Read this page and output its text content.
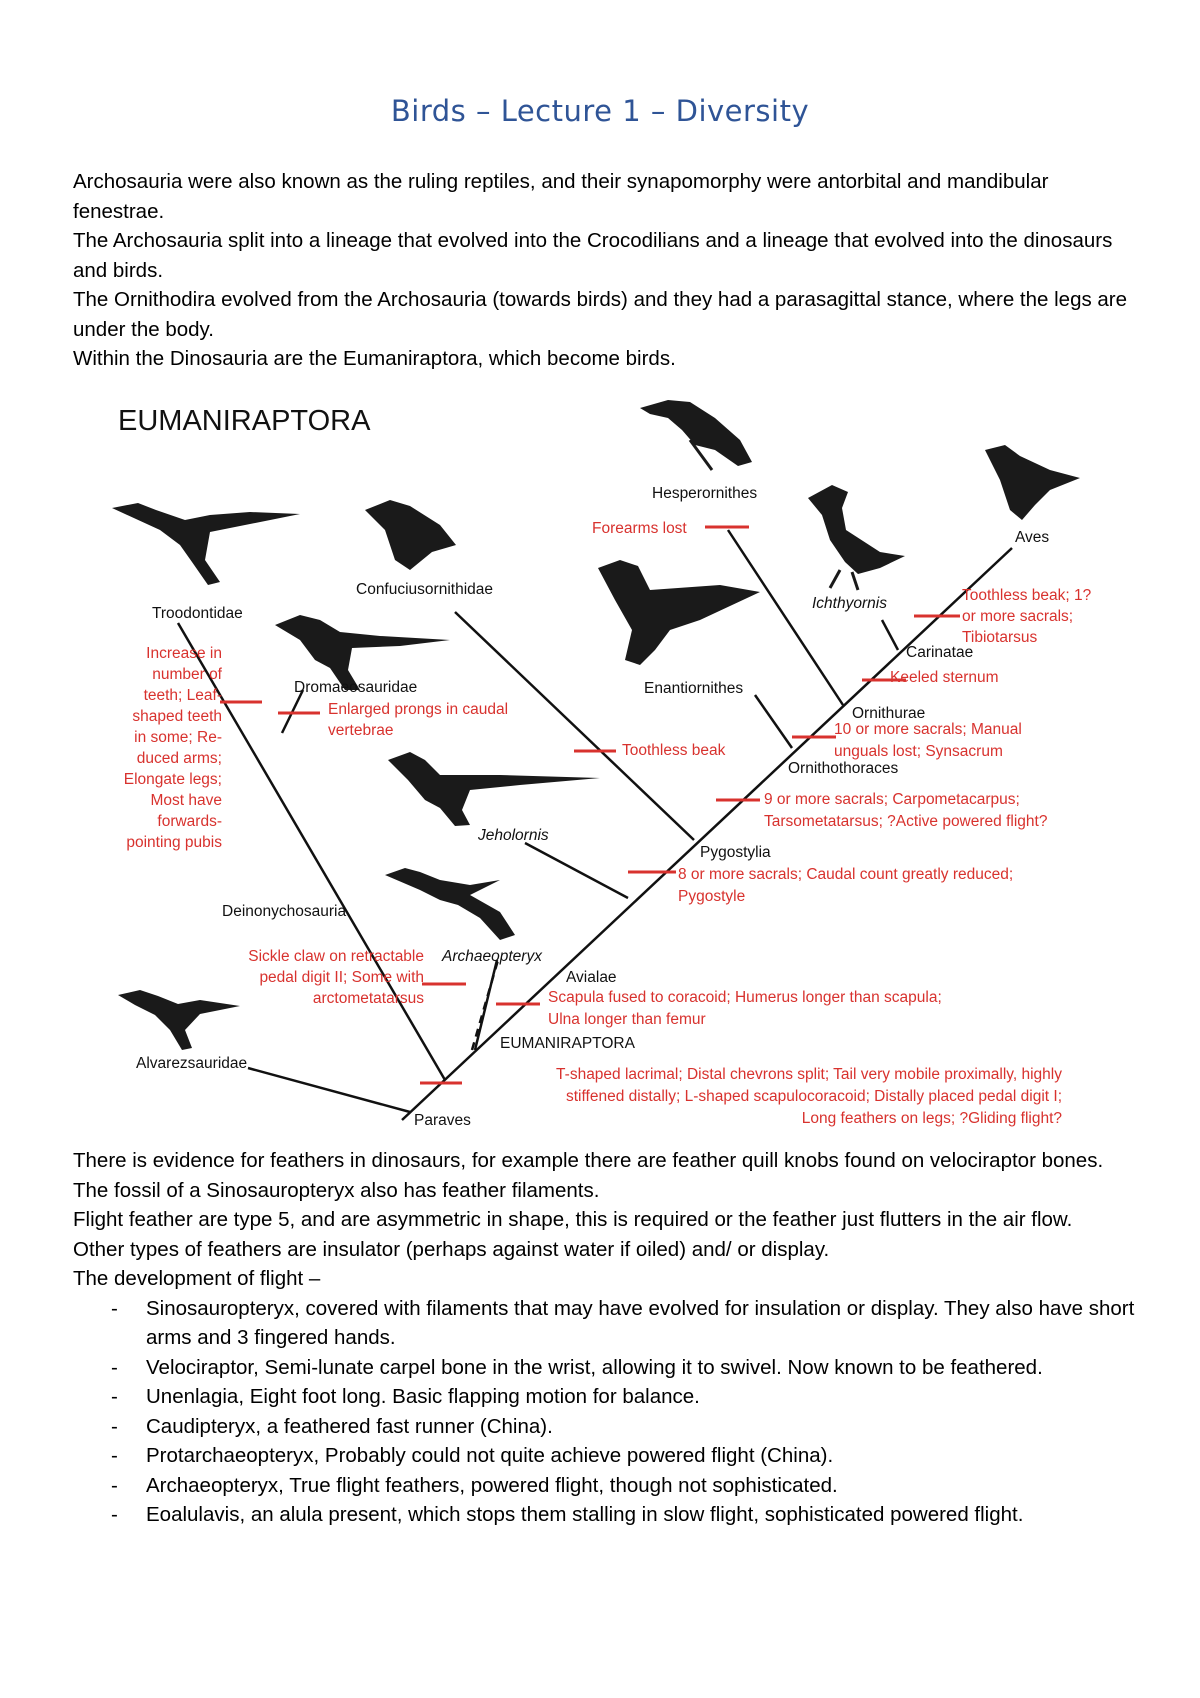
Birds – Lecture 1 – Diversity

Archosauria were also known as the ruling reptiles, and their synapomorphy were antorbital and mandibular fenestrae.

The Archosauria split into a lineage that evolved into the Crocodilians and a lineage that evolved into the dinosaurs and birds.

The Ornithodira evolved from the Archosauria (towards birds) and they had a parasagittal stance, where the legs are under the body.

Within the Dinosauria are the Eumaniraptora, which become birds.

EUMANIRAPTORA
Hesperornithes
Aves
Confuciusornithidae
Ichthyornis
Troodontidae
Carinatae
Dromaeosauridae	Enantiornithes
Ornithurae
Ornithothoraces
Jeholornis
Pygostylia
Deinonychosauria
Archaeopteryx
Avialae
EUMANIRAPTORA
Alvarezsauridae
Paraves
Forearms lost
Toothless beak; 1?
or more sacrals;
Tibiotarsus
Keeled sternum
10 or more sacrals; Manual
unguals lost; Synsacrum
Toothless beak
9 or more sacrals; Carpometacarpus;
Tarsometatarsus; ?Active powered flight?
8 or more sacrals; Caudal count greatly reduced;
Pygostyle
Increase in
number of
teeth; Leaf-
shaped teeth
in some; Re-
duced arms;
Elongate legs;
Most have
forwards-
pointing pubis
Enlarged prongs in caudal
vertebrae
Sickle claw on retractable
pedal digit II; Some with
arctometatarsus	Scapula fused to coracoid; Humerus longer than scapula;
Ulna longer than femur
T-shaped lacrimal; Distal chevrons split; Tail very mobile proximally, highly
stiffened distally; L-shaped scapulocoracoid; Distally placed pedal digit I;
Long feathers on legs; ?Gliding flight?

There is evidence for feathers in dinosaurs, for example there are feather quill knobs found on velociraptor bones.

The fossil of a Sinosauropteryx also has feather filaments.

Flight feather are type 5, and are asymmetric in shape, this is required or the feather just flutters in the air flow.

Other types of feathers are insulator (perhaps against water if oiled) and/ or display.

The development of flight –

- Sinosauropteryx, covered with filaments that may have evolved for insulation or display. They also have short arms and 3 fingered hands.
- Velociraptor, Semi-lunate carpel bone in the wrist, allowing it to swivel. Now known to be feathered.
- Unenlagia, Eight foot long. Basic flapping motion for balance.
- Caudipteryx, a feathered fast runner (China).
- Protarchaeopteryx, Probably could not quite achieve powered flight (China).
- Archaeopteryx, True flight feathers, powered flight, though not sophisticated.
- Eoalulavis, an alula present, which stops them stalling in slow flight, sophisticated powered flight.
